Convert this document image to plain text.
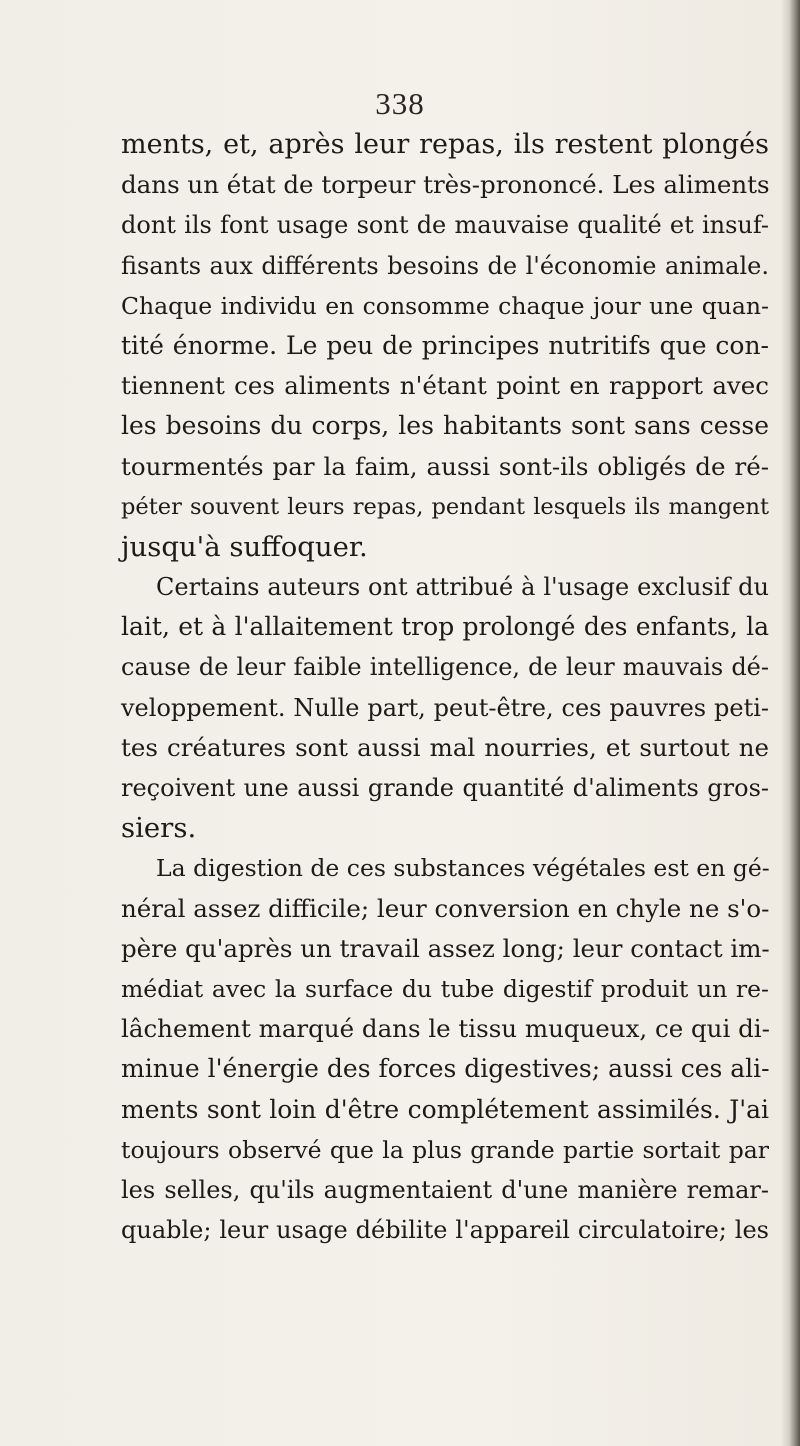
338
ments, et, après leur repas, ils restent plongés
dans un état de torpeur très-prononcé. Les aliments
dont ils font usage sont de mauvaise qualité et insuf-
fisants aux différents besoins de l'économie animale.
Chaque individu en consomme chaque jour une quan-
tité énorme. Le peu de principes nutritifs que con-
tiennent ces aliments n'étant point en rapport avec
les besoins du corps, les habitants sont sans cesse
tourmentés par la faim, aussi sont-ils obligés de ré-
péter souvent leurs repas, pendant lesquels ils mangent
jusqu'à suffoquer.
Certains auteurs ont attribué à l'usage exclusif du
lait, et à l'allaitement trop prolongé des enfants, la
cause de leur faible intelligence, de leur mauvais dé-
veloppement. Nulle part, peut-être, ces pauvres peti-
tes créatures sont aussi mal nourries, et surtout ne
reçoivent une aussi grande quantité d'aliments gros-
siers.
La digestion de ces substances végétales est en gé-
néral assez difficile; leur conversion en chyle ne s'o-
père qu'après un travail assez long; leur contact im-
médiat avec la surface du tube digestif produit un re-
lâchement marqué dans le tissu muqueux, ce qui di-
minue l'énergie des forces digestives; aussi ces ali-
ments sont loin d'être complétement assimilés. J'ai
toujours observé que la plus grande partie sortait par
les selles, qu'ils augmentaient d'une manière remar-
quable; leur usage débilite l'appareil circulatoire; les
